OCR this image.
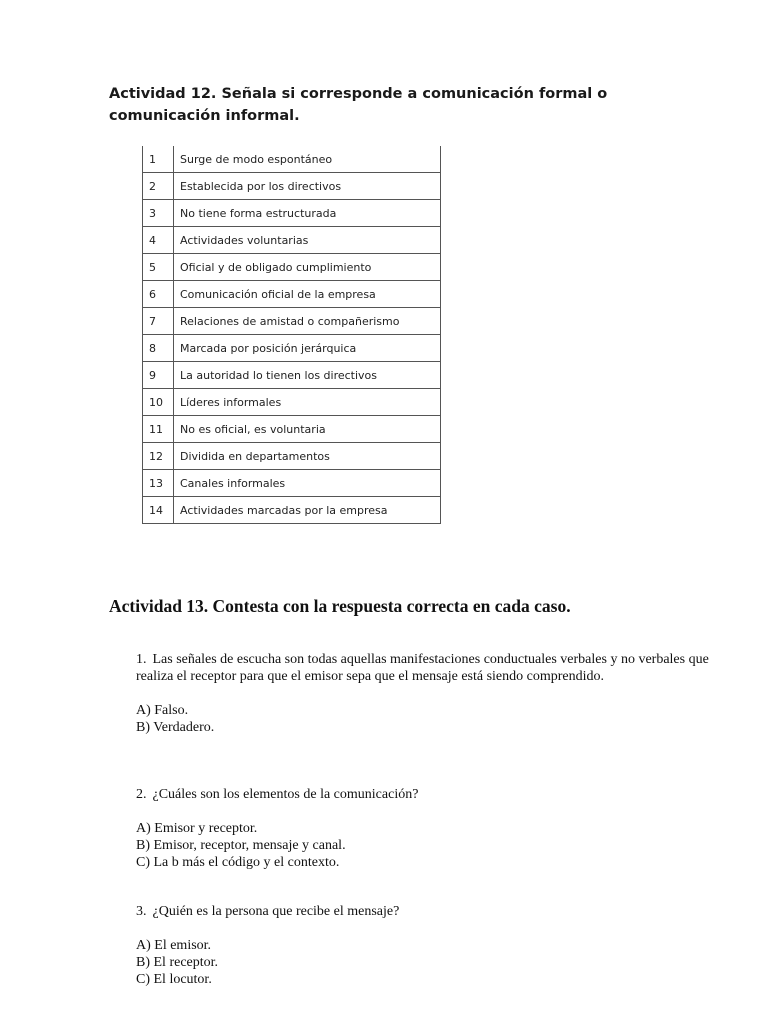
Actividad 12. Señala si corresponde a comunicación formal o comunicación informal.
1	Surge de modo espontáneo
2	Establecida por los directivos
3	No tiene forma estructurada
4	Actividades voluntarias
5	Oficial y de obligado cumplimiento
6	Comunicación oficial de la empresa
7	Relaciones de amistad o compañerismo
8	Marcada por posición jerárquica
9	La autoridad lo tienen los directivos
10	Líderes informales
11	No es oficial, es voluntaria
12	Dividida en departamentos
13	Canales informales
14	Actividades marcadas por la empresa
Actividad 13. Contesta con la respuesta correcta en cada caso.

1. Las señales de escucha son todas aquellas manifestaciones conductuales verbales y no verbales que realiza el receptor para que el emisor sepa que el mensaje está siendo comprendido.

A) Falso.
B) Verdadero.

2. ¿Cuáles son los elementos de la comunicación?

A) Emisor y receptor.
B) Emisor, receptor, mensaje y canal.
C) La b más el código y el contexto.

3. ¿Quién es la persona que recibe el mensaje?

A) El emisor.
B) El receptor.
C) El locutor.
